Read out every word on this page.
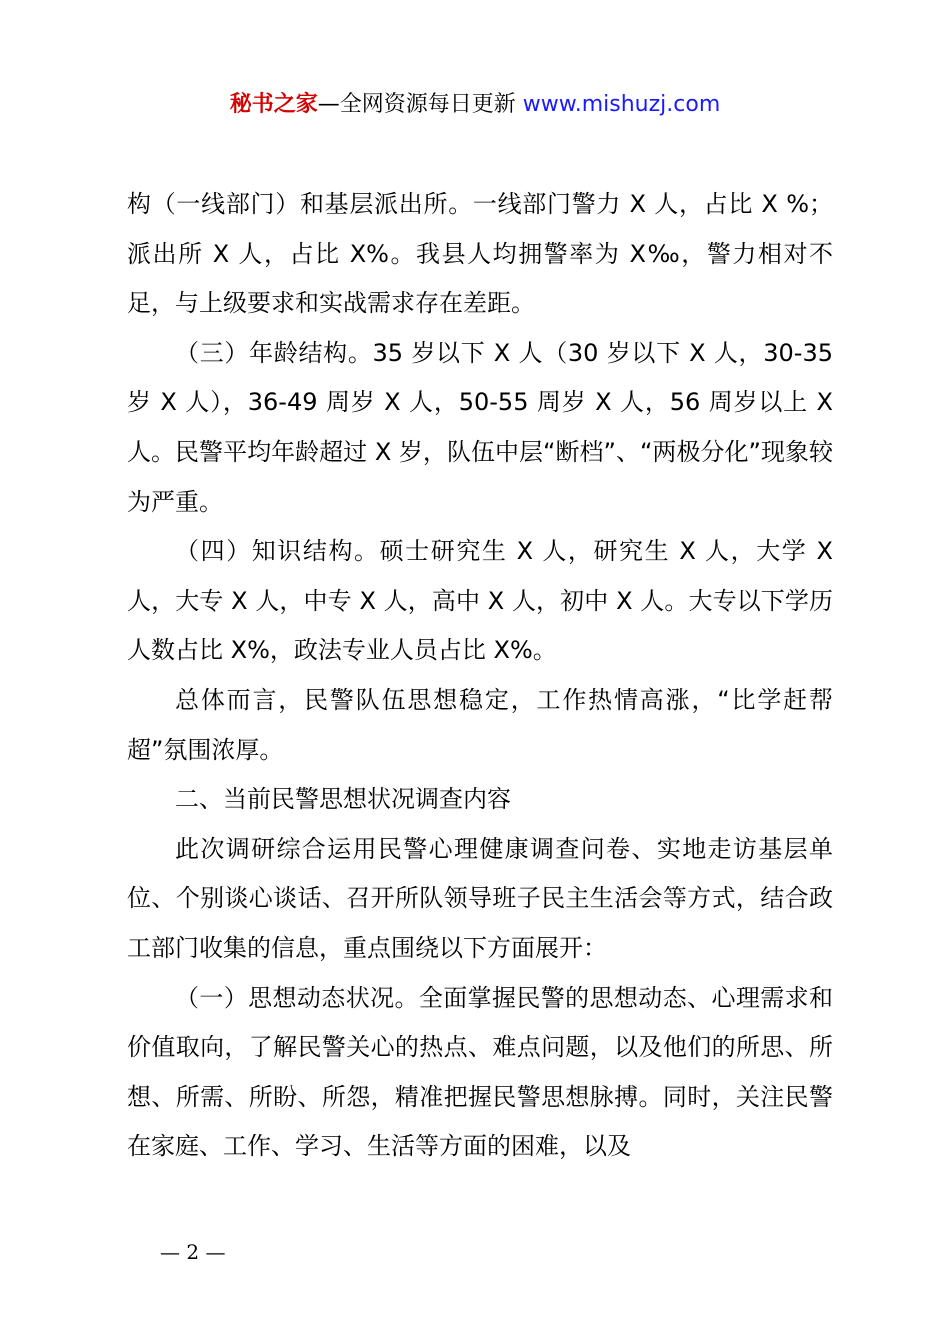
秘书之家—全网资源每日更新 www.mishuzj.com

构（一线部门）和基层派出所。一线部门警力 X 人，占比 X %；派出所 X 人，占比 X%。我县人均拥警率为 X‰，警力相对不足，与上级要求和实战需求存在差距。

（三）年龄结构。35 岁以下 X 人（30 岁以下 X 人，30-35 岁 X 人），36-49 周岁 X 人，50-55 周岁 X 人，56 周岁以上 X 人。民警平均年龄超过 X 岁，队伍中层“断档”、“两极分化”现象较为严重。

（四）知识结构。硕士研究生 X 人，研究生 X 人，大学 X 人，大专 X 人，中专 X 人，高中 X 人，初中 X 人。大专以下学历人数占比 X%，政法专业人员占比 X%。

总体而言，民警队伍思想稳定，工作热情高涨，“比学赶帮超”氛围浓厚。

二、当前民警思想状况调查内容

此次调研综合运用民警心理健康调查问卷、实地走访基层单位、个别谈心谈话、召开所队领导班子民主生活会等方式，结合政工部门收集的信息，重点围绕以下方面展开：

（一）思想动态状况。全面掌握民警的思想动态、心理需求和价值取向，了解民警关心的热点、难点问题，以及他们的所思、所想、所需、所盼、所怨，精准把握民警思想脉搏。同时，关注民警在家庭、工作、学习、生活等方面的困难，以及

— 2 —
